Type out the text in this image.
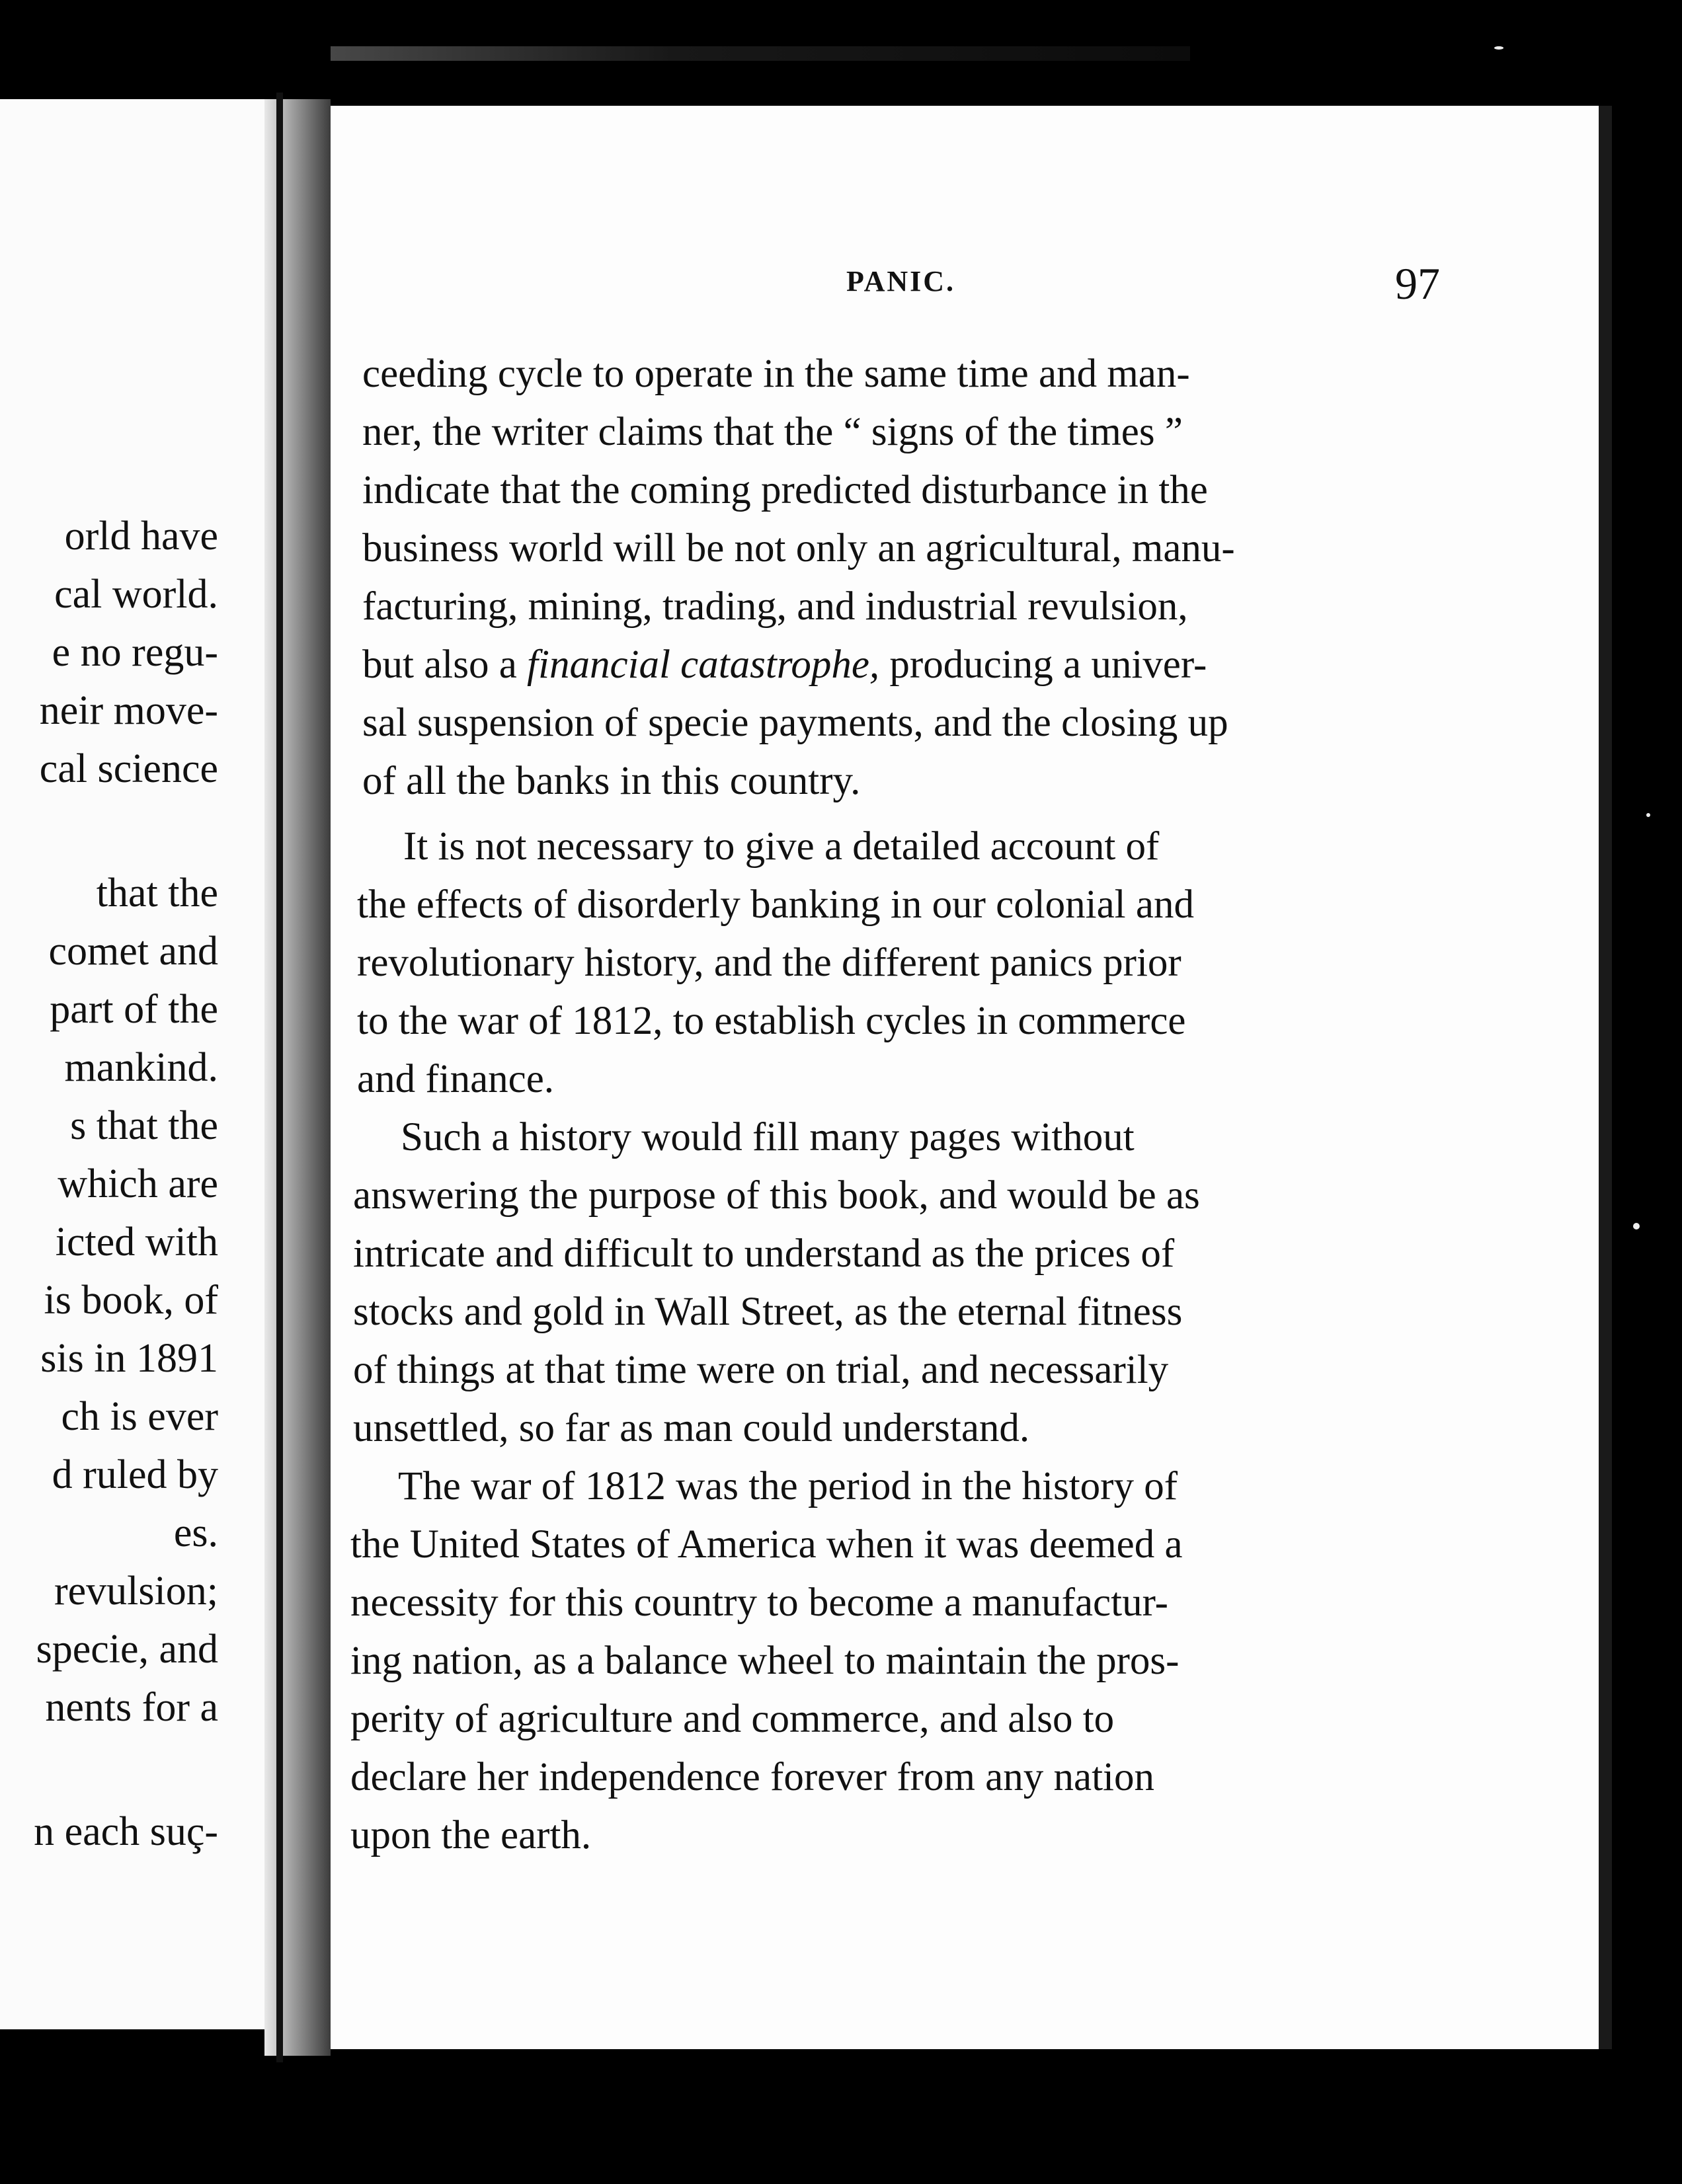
orld have
cal world.
e no regu-
neir move-
cal science
that the
comet and
part of the
mankind.
s that the
which are
icted with
is book, of
sis in 1891
ch is ever
d ruled by
es.
revulsion;
specie, and
nents for a
n each suç-
PANIC.	97
ceeding cycle to operate in the same time and man-
ner, the writer claims that the “ signs of the times ”
indicate that the coming predicted disturbance in the
business world will be not only an agricultural, manu-
facturing, mining, trading, and industrial revulsion,
but also a financial catastrophe, producing a univer-
sal suspension of specie payments, and the closing up
of all the banks in this country.
It is not necessary to give a detailed account of
the effects of disorderly banking in our colonial and
revolutionary history, and the different panics prior
to the war of 1812, to establish cycles in commerce
and finance.
Such a history would fill many pages without
answering the purpose of this book, and would be as
intricate and difficult to understand as the prices of
stocks and gold in Wall Street, as the eternal fitness
of things at that time were on trial, and necessarily
unsettled, so far as man could understand.
The war of 1812 was the period in the history of
the United States of America when it was deemed a
necessity for this country to become a manufactur-
ing nation, as a balance wheel to maintain the pros-
perity of agriculture and commerce, and also to
declare her independence forever from any nation
upon the earth.
